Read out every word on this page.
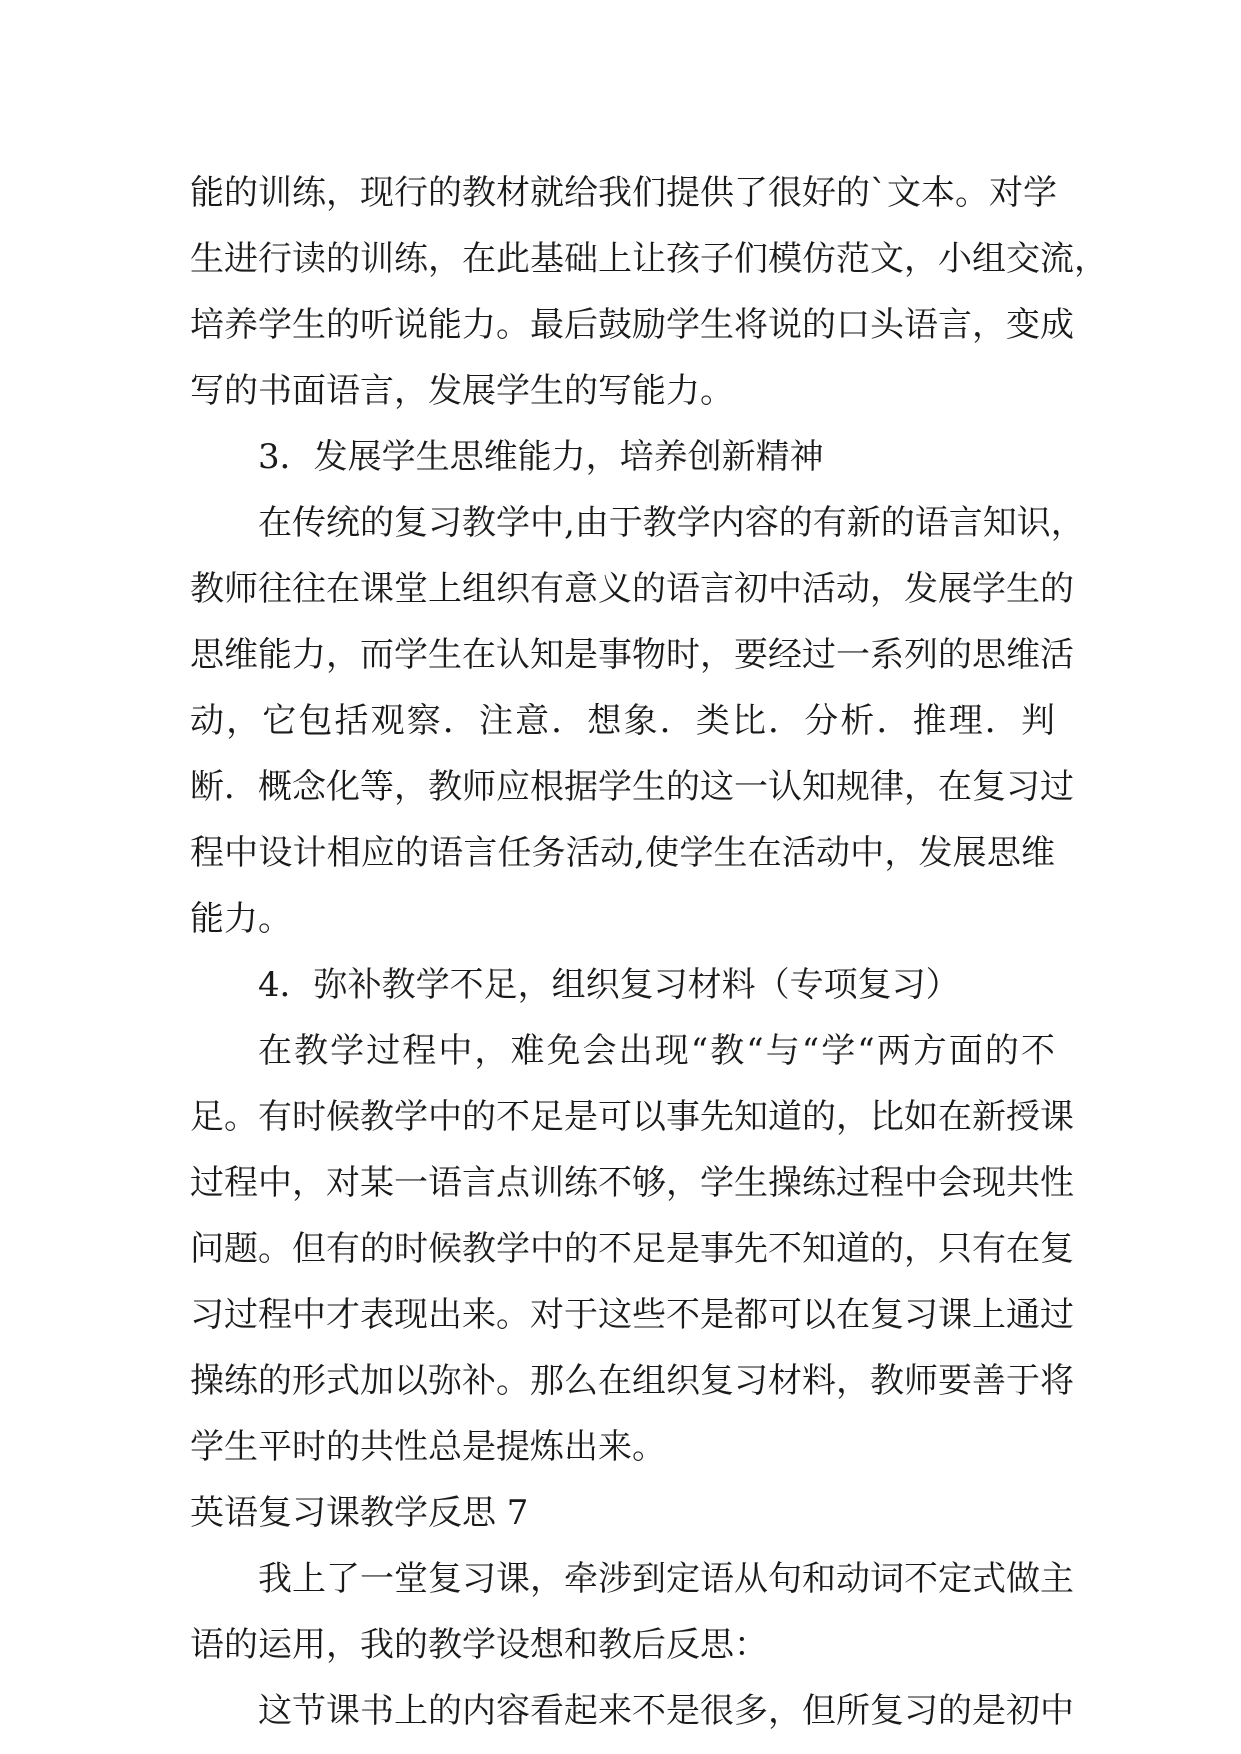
能的训练，现行的教材就给我们提供了很好的`文本。对学
生进行读的训练，在此基础上让孩子们模仿范文，小组交流，
培养学生的听说能力。最后鼓励学生将说的口头语言，变成
写的书面语言，发展学生的写能力。
3．发展学生思维能力，培养创新精神
在传统的复习教学中,由于教学内容的有新的语言知识，
教师往往在课堂上组织有意义的语言初中活动，发展学生的
思维能力，而学生在认知是事物时，要经过一系列的思维活
动，它包括观察．注意．想象．类比．分析．推理．判
断．概念化等，教师应根据学生的这一认知规律，在复习过
程中设计相应的语言任务活动,使学生在活动中，发展思维
能力。
4．弥补教学不足，组织复习材料（专项复习）
在教学过程中，难免会出现“教“与“学“两方面的不
足。有时候教学中的不足是可以事先知道的，比如在新授课
过程中，对某一语言点训练不够，学生操练过程中会现共性
问题。但有的时候教学中的不足是事先不知道的，只有在复
习过程中才表现出来。对于这些不是都可以在复习课上通过
操练的形式加以弥补。那么在组织复习材料，教师要善于将
学生平时的共性总是提炼出来。
英语复习课教学反思 7
我上了一堂复习课，牵涉到定语从句和动词不定式做主
语的运用，我的教学设想和教后反思：
这节课书上的内容看起来不是很多，但所复习的是初中
